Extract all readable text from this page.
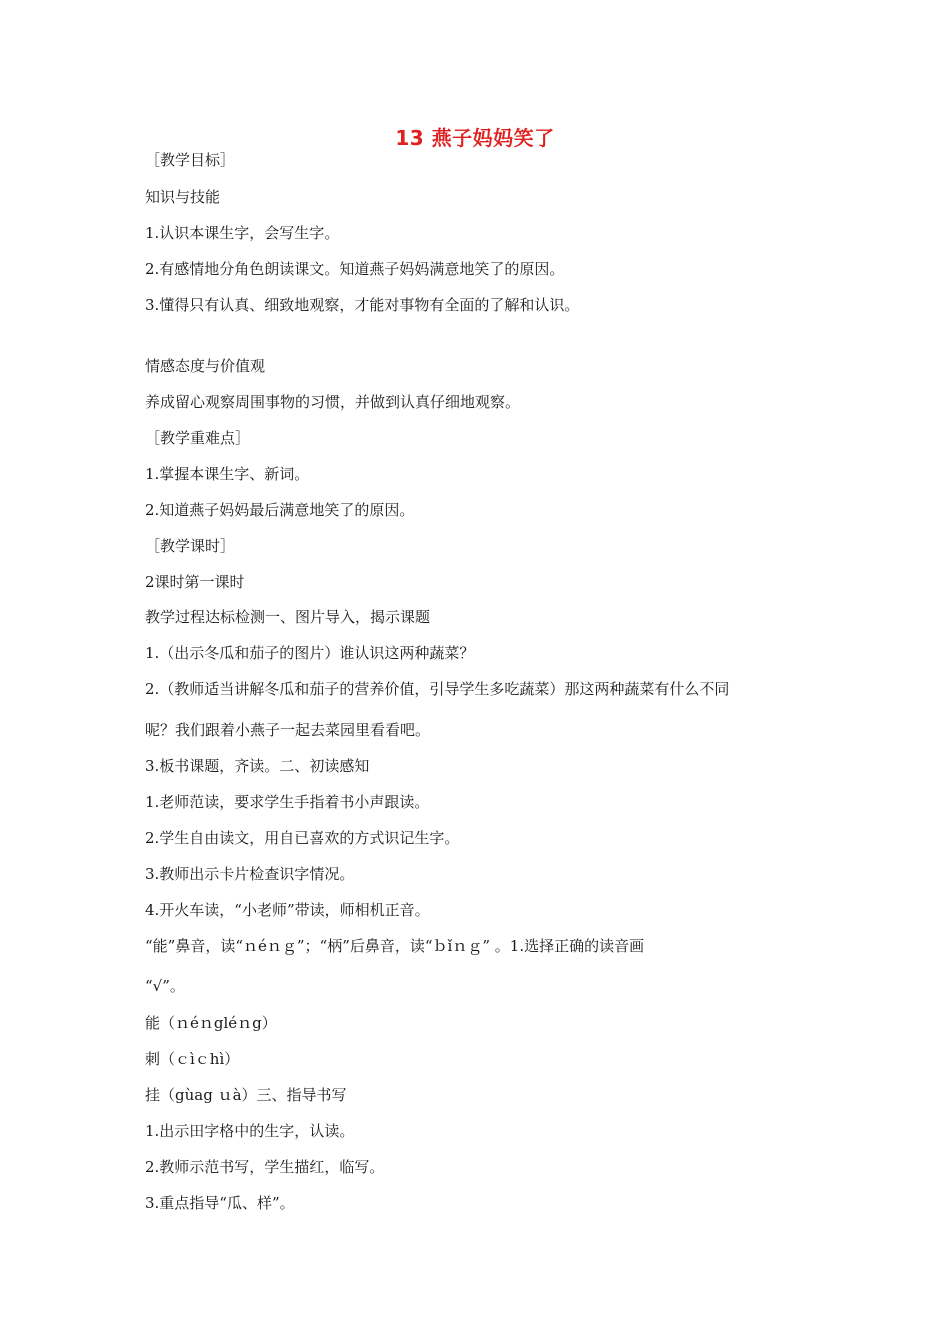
13 燕子妈妈笑了
［教学目标］
知识与技能
1.认识本课生字，会写生字。
2.有感情地分角色朗读课文。知道燕子妈妈满意地笑了的原因。
3.懂得只有认真、细致地观察，才能对事物有全面的了解和认识。
情感态度与价值观
养成留心观察周围事物的习惯，并做到认真仔细地观察。
［教学重难点］
1.掌握本课生字、新词。
2.知道燕子妈妈最后满意地笑了的原因。
［教学课时］
2课时第一课时
教学过程达标检测一、图片导入，揭示课题
1.（出示冬瓜和茄子的图片）谁认识这两种蔬菜？
2.（教师适当讲解冬瓜和茄子的营养价值，引导学生多吃蔬菜）那这两种蔬菜有什么不同
呢？我们跟着小燕子一起去菜园里看看吧。
3.板书课题，齐读。二、初读感知
1.老师范读，要求学生手指着书小声跟读。
2.学生自由读文，用自已喜欢的方式识记生字。
3.教师出示卡片检查识字情况。
4.开火车读，“小老师”带读，师相机正音。
“能”鼻音，读“ｎéｎｇ”；“柄”后鼻音，读“ｂǐｎｇ” 。1.选择正确的读音画
“√”。
能（ｎéｎgléｎg）
刺（ｃìｃhì）
挂（gùag ｕà）三、指导书写
1.出示田字格中的生字，认读。
2.教师示范书写，学生描红，临写。
3.重点指导“瓜、样”。
